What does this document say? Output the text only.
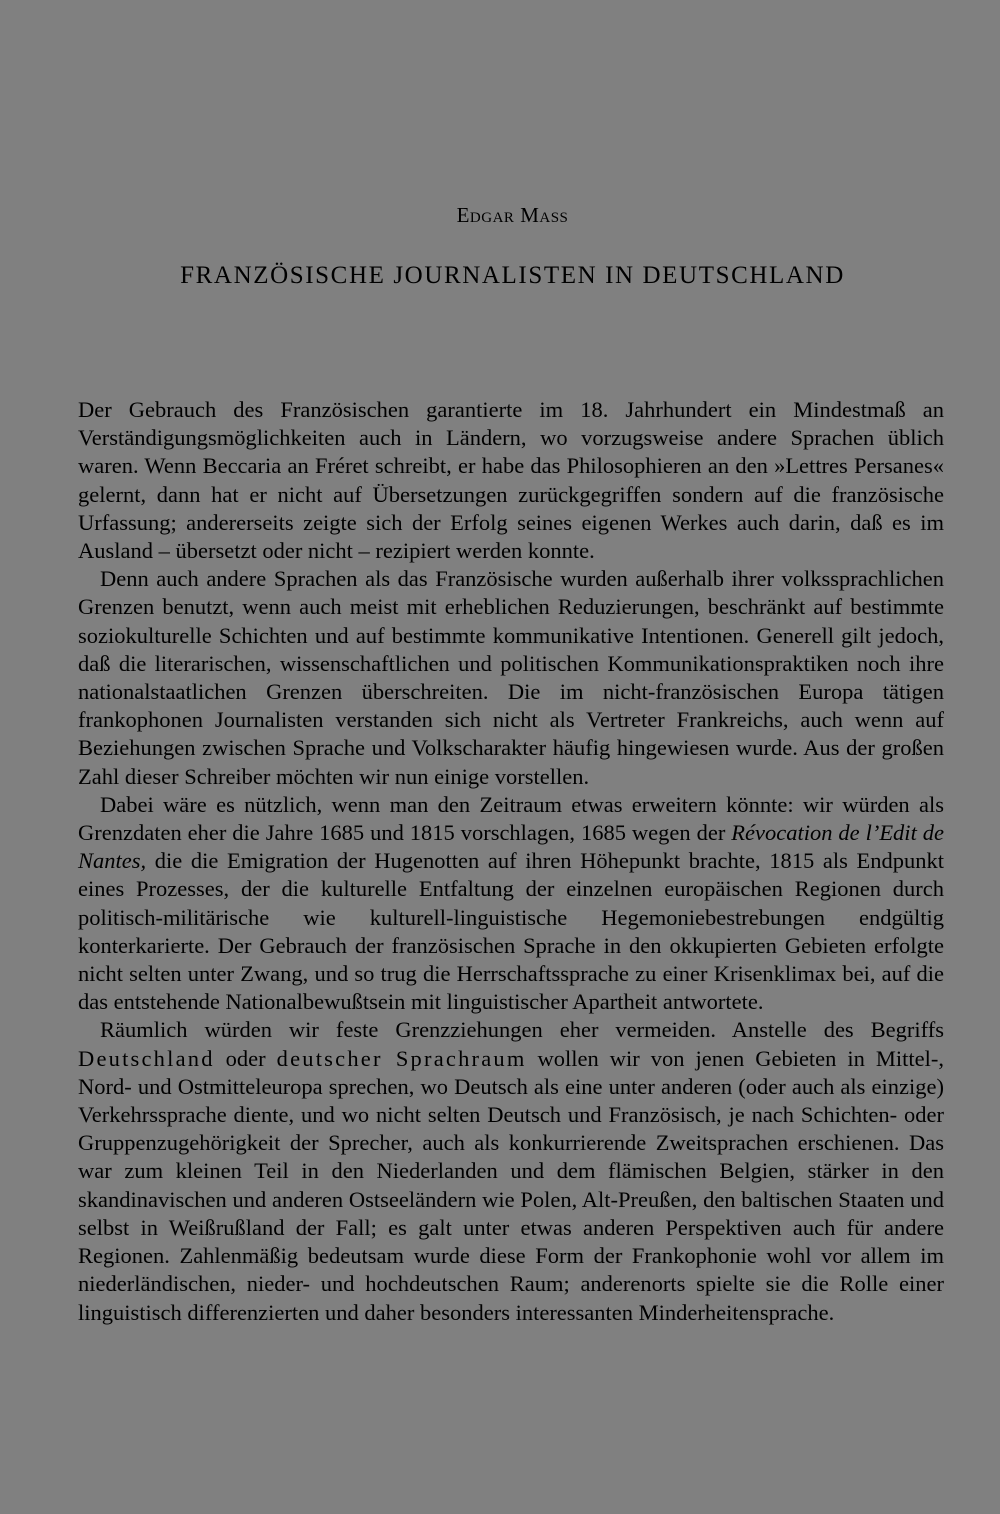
Edgar Mass
FRANZÖSISCHE JOURNALISTEN IN DEUTSCHLAND

Der Gebrauch des Französischen garantierte im 18. Jahrhundert ein Mindestmaß an Verständigungsmöglichkeiten auch in Ländern, wo vorzugsweise andere Sprachen üblich waren. Wenn Beccaria an Fréret schreibt, er habe das Philosophieren an den »Lettres Persanes« gelernt, dann hat er nicht auf Übersetzungen zurückgegriffen sondern auf die französische Urfassung; andererseits zeigte sich der Erfolg seines eigenen Werkes auch darin, daß es im Ausland – übersetzt oder nicht – rezipiert werden konnte.

Denn auch andere Sprachen als das Französische wurden außerhalb ihrer volkssprachlichen Grenzen benutzt, wenn auch meist mit erheblichen Reduzierungen, beschränkt auf bestimmte soziokulturelle Schichten und auf bestimmte kommunikative Intentionen. Generell gilt jedoch, daß die literarischen, wissenschaftlichen und politischen Kommunikationspraktiken noch ihre nationalstaatlichen Grenzen überschreiten. Die im nicht-französischen Europa tätigen frankophonen Journalisten verstanden sich nicht als Vertreter Frankreichs, auch wenn auf Beziehungen zwischen Sprache und Volkscharakter häufig hingewiesen wurde. Aus der großen Zahl dieser Schreiber möchten wir nun einige vorstellen.

Dabei wäre es nützlich, wenn man den Zeitraum etwas erweitern könnte: wir würden als Grenzdaten eher die Jahre 1685 und 1815 vorschlagen, 1685 wegen der Révocation de l’Edit de Nantes, die die Emigration der Hugenotten auf ihren Höhepunkt brachte, 1815 als Endpunkt eines Prozesses, der die kulturelle Entfaltung der einzelnen europäischen Regionen durch politisch-militärische wie kulturell-linguistische Hegemoniebestrebungen endgültig konterkarierte. Der Gebrauch der französischen Sprache in den okkupierten Gebieten erfolgte nicht selten unter Zwang, und so trug die Herrschaftssprache zu einer Krisenklimax bei, auf die das entstehende Nationalbewußtsein mit linguistischer Apartheit antwortete.

Räumlich würden wir feste Grenzziehungen eher vermeiden. Anstelle des Begriffs Deutschland oder deutscher Sprachraum wollen wir von jenen Gebieten in Mittel-, Nord- und Ostmitteleuropa sprechen, wo Deutsch als eine unter anderen (oder auch als einzige) Verkehrssprache diente, und wo nicht selten Deutsch und Französisch, je nach Schichten- oder Gruppenzugehörigkeit der Sprecher, auch als konkurrierende Zweitsprachen erschienen. Das war zum kleinen Teil in den Niederlanden und dem flämischen Belgien, stärker in den skandinavischen und anderen Ostseeländern wie Polen, Alt-Preußen, den baltischen Staaten und selbst in Weißrußland der Fall; es galt unter etwas anderen Perspektiven auch für andere Regionen. Zahlenmäßig bedeutsam wurde diese Form der Frankophonie wohl vor allem im niederländischen, nieder- und hochdeutschen Raum; anderenorts spielte sie die Rolle einer linguistisch differenzierten und daher besonders interessanten Minderheitensprache.
